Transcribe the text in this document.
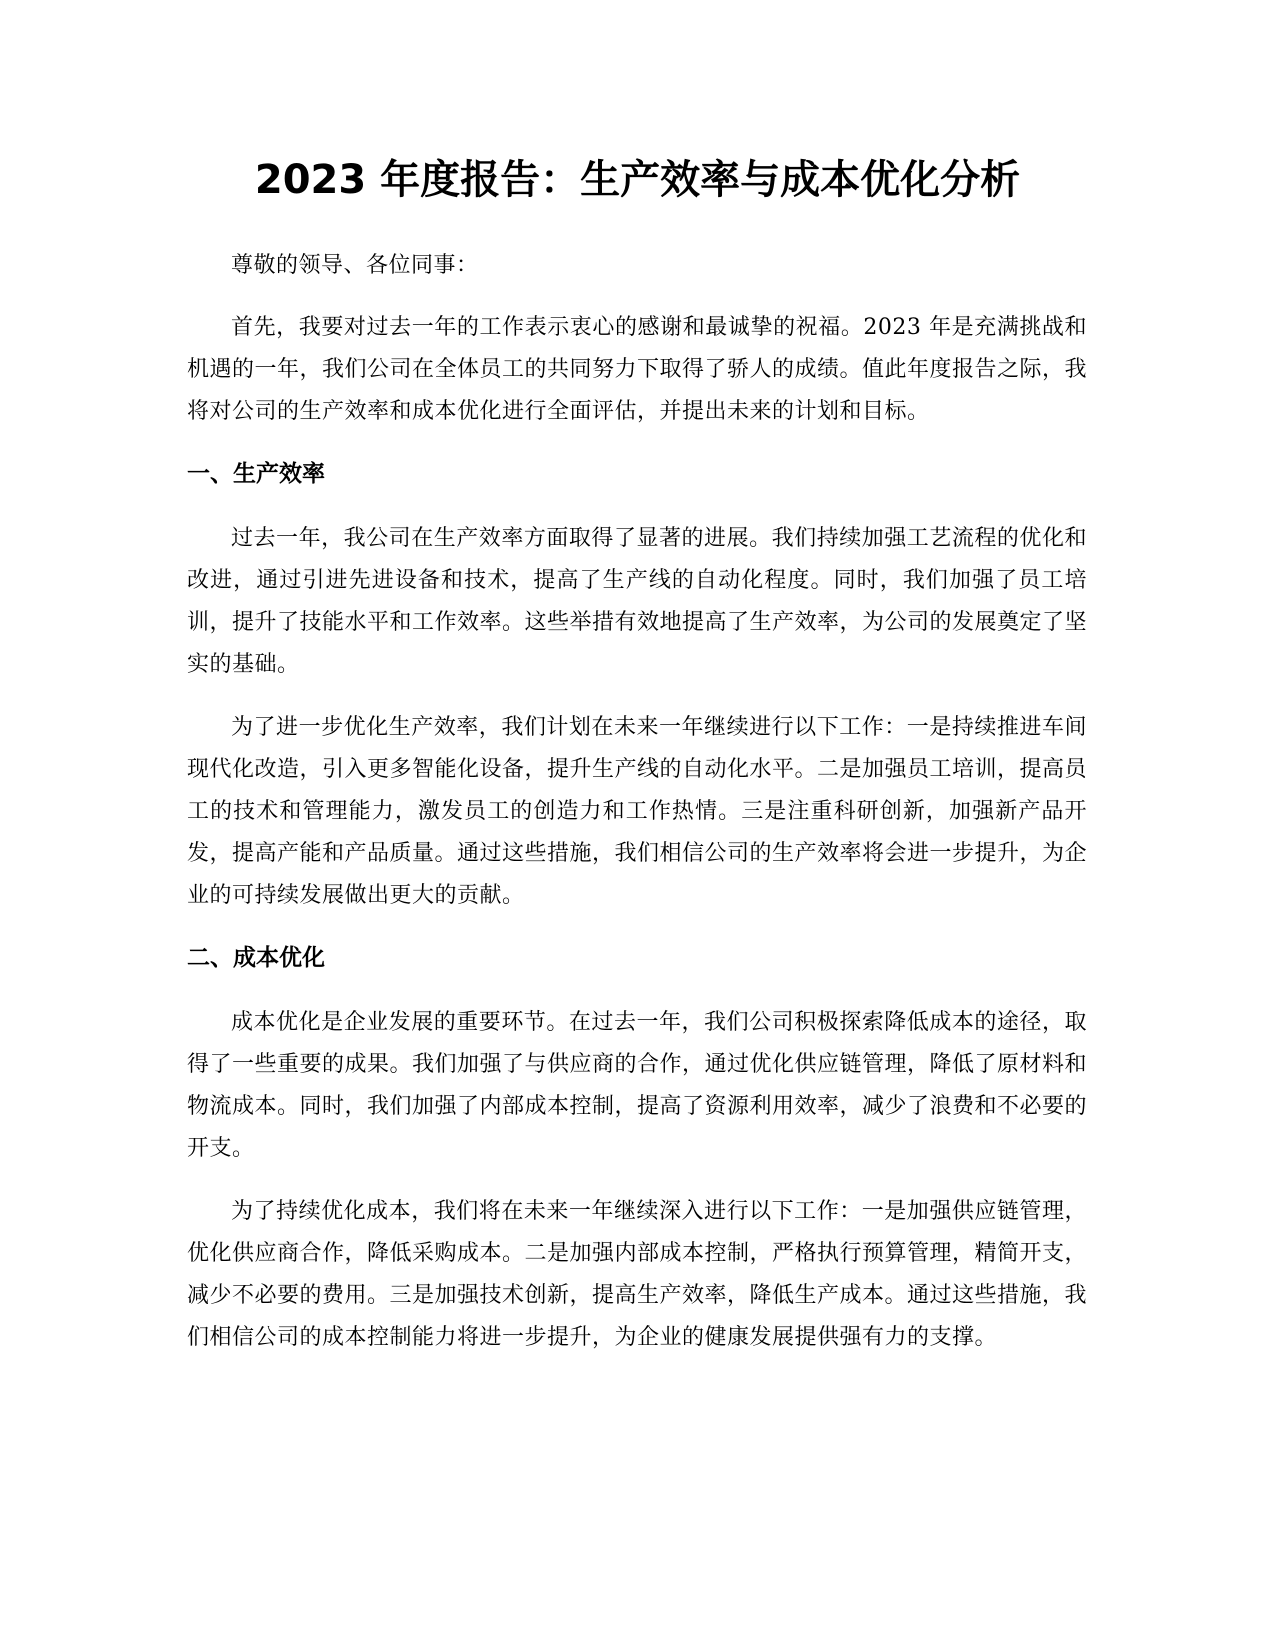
2023 年度报告：生产效率与成本优化分析

尊敬的领导、各位同事：

首先，我要对过去一年的工作表示衷心的感谢和最诚挚的祝福。2023 年是充满挑战和机遇的一年，我们公司在全体员工的共同努力下取得了骄人的成绩。值此年度报告之际，我将对公司的生产效率和成本优化进行全面评估，并提出未来的计划和目标。

一、生产效率

过去一年，我公司在生产效率方面取得了显著的进展。我们持续加强工艺流程的优化和改进，通过引进先进设备和技术，提高了生产线的自动化程度。同时，我们加强了员工培训，提升了技能水平和工作效率。这些举措有效地提高了生产效率，为公司的发展奠定了坚实的基础。

为了进一步优化生产效率，我们计划在未来一年继续进行以下工作：一是持续推进车间现代化改造，引入更多智能化设备，提升生产线的自动化水平。二是加强员工培训，提高员工的技术和管理能力，激发员工的创造力和工作热情。三是注重科研创新，加强新产品开发，提高产能和产品质量。通过这些措施，我们相信公司的生产效率将会进一步提升，为企业的可持续发展做出更大的贡献。

二、成本优化

成本优化是企业发展的重要环节。在过去一年，我们公司积极探索降低成本的途径，取得了一些重要的成果。我们加强了与供应商的合作，通过优化供应链管理，降低了原材料和物流成本。同时，我们加强了内部成本控制，提高了资源利用效率，减少了浪费和不必要的开支。

为了持续优化成本，我们将在未来一年继续深入进行以下工作：一是加强供应链管理，优化供应商合作，降低采购成本。二是加强内部成本控制，严格执行预算管理，精简开支，减少不必要的费用。三是加强技术创新，提高生产效率，降低生产成本。通过这些措施，我们相信公司的成本控制能力将进一步提升，为企业的健康发展提供强有力的支撑。
